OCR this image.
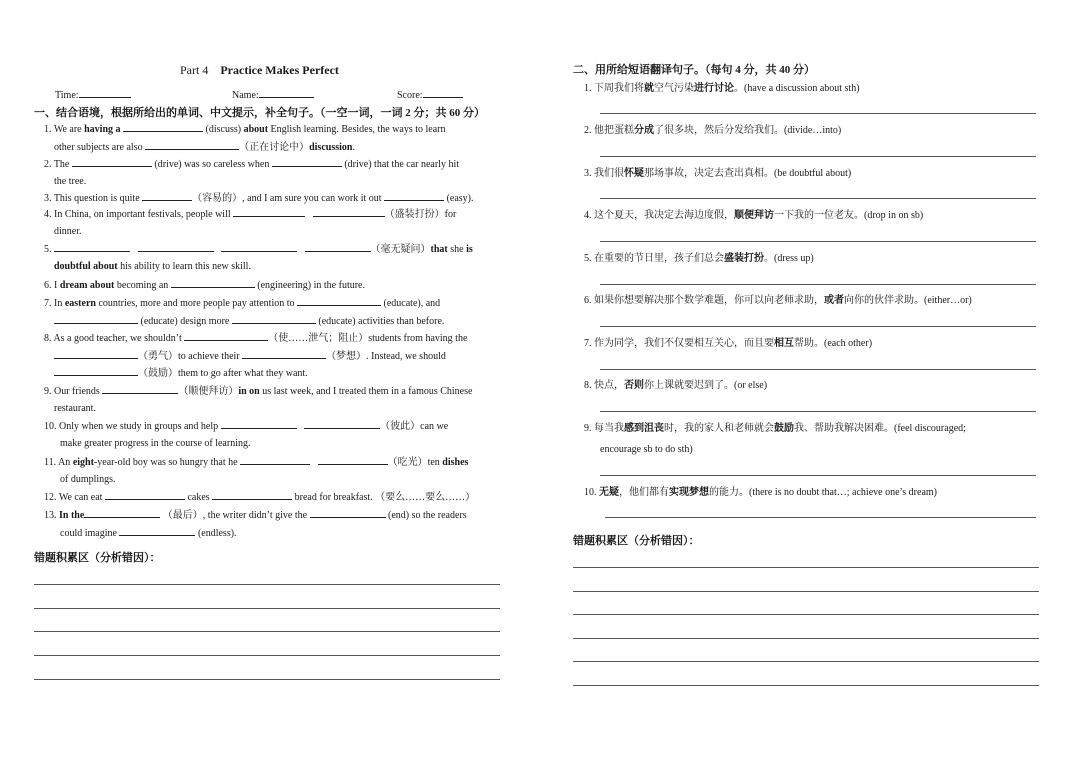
Part 4 Practice Makes Perfect
Time:	Name:	Score:
一、结合语境，根据所给出的单词、中文提示，补全句子。（一空一词，一词 2 分；共 60 分）
1. We are having a	(discuss) about English learning. Besides, the ways to learn
other subjects are also	（正在讨论中）discussion.
2. The	(drive) was so careless when	(drive) that the car nearly hit
the tree.
3. This question is quite	（容易的）, and I am sure you can work it out	(easy).
4. In China, on important festivals, people will	（盛装打扮）for
dinner.
5.	（毫无疑问）that she is
doubtful about his ability to learn this new skill.
6. I dream about becoming an	(engineering) in the future.
7. In eastern countries, more and more people pay attention to	(educate), and
(educate) design more	(educate) activities than before.
8. As a good teacher, we shouldn’t	（使……泄气；阻止）students from having the
（勇气）to achieve their	（梦想）. Instead, we should
（鼓励）them to go after what they want.
9. Our friends	（顺便拜访）in on us last week, and I treated them in a famous Chinese
restaurant.
10. Only when we study in groups and help	（彼此）can we
make greater progress in the course of learning.
11. An eight-year-old boy was so hungry that he	（吃光）ten dishes
of dumplings.
12. We can eat	cakes	bread for breakfast. （要么……要么……）
13. In the	（最后）, the writer didn’t give the	(end) so the readers
could imagine	(endless).
错题积累区（分析错因）：
二、用所给短语翻译句子。（每句 4 分，共 40 分）
1. 下周我们将就空气污染进行讨论。(have a discussion about sth)
2. 他把蛋糕分成了很多块，然后分发给我们。(divide…into)
3. 我们很怀疑那场事故，决定去查出真相。(be doubtful about)
4. 这个夏天，我决定去海边度假，顺便拜访一下我的一位老友。(drop in on sb)
5. 在重要的节日里，孩子们总会盛装打扮。(dress up)
6. 如果你想要解决那个数学难题，你可以向老师求助，或者向你的伙伴求助。(either…or)
7. 作为同学，我们不仅要相互关心，而且要相互帮助。(each other)
8. 快点，否则你上课就要迟到了。(or else)
9. 每当我感到沮丧时，我的家人和老师就会鼓励我、帮助我解决困难。(feel discouraged;
encourage sb to do sth)
10. 无疑，他们都有实现梦想的能力。(there is no doubt that…; achieve one’s dream)
错题积累区（分析错因）：
